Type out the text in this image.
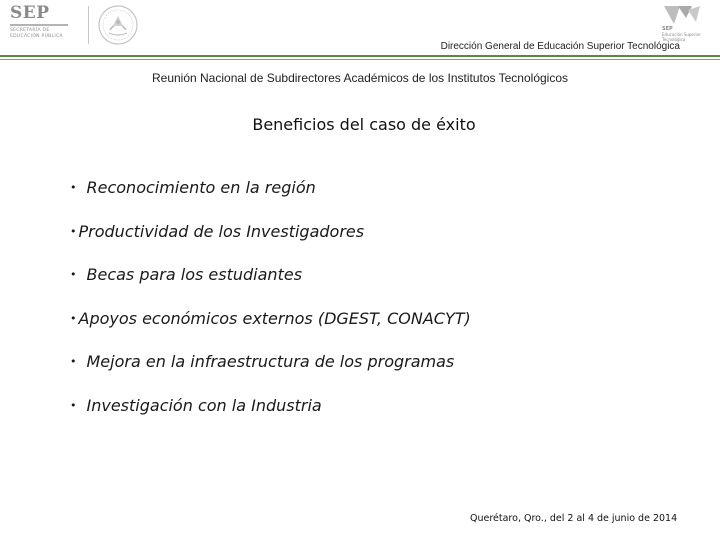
SEP
SECRETARÍA DE
EDUCACIÓN PÚBLICA
SEP
Educación Superior
Tecnológica
Dirección General de Educación Superior Tecnológica
Reunión Nacional de Subdirectores Académicos de los Institutos Tecnológicos
Beneficios del caso de éxito
• Reconocimiento en la región
• Productividad de los Investigadores
• Becas para los estudiantes
• Apoyos económicos externos (DGEST, CONACYT)
• Mejora en la infraestructura de los programas
• Investigación con la Industria
Querétaro, Qro., del 2 al 4 de junio de 2014
